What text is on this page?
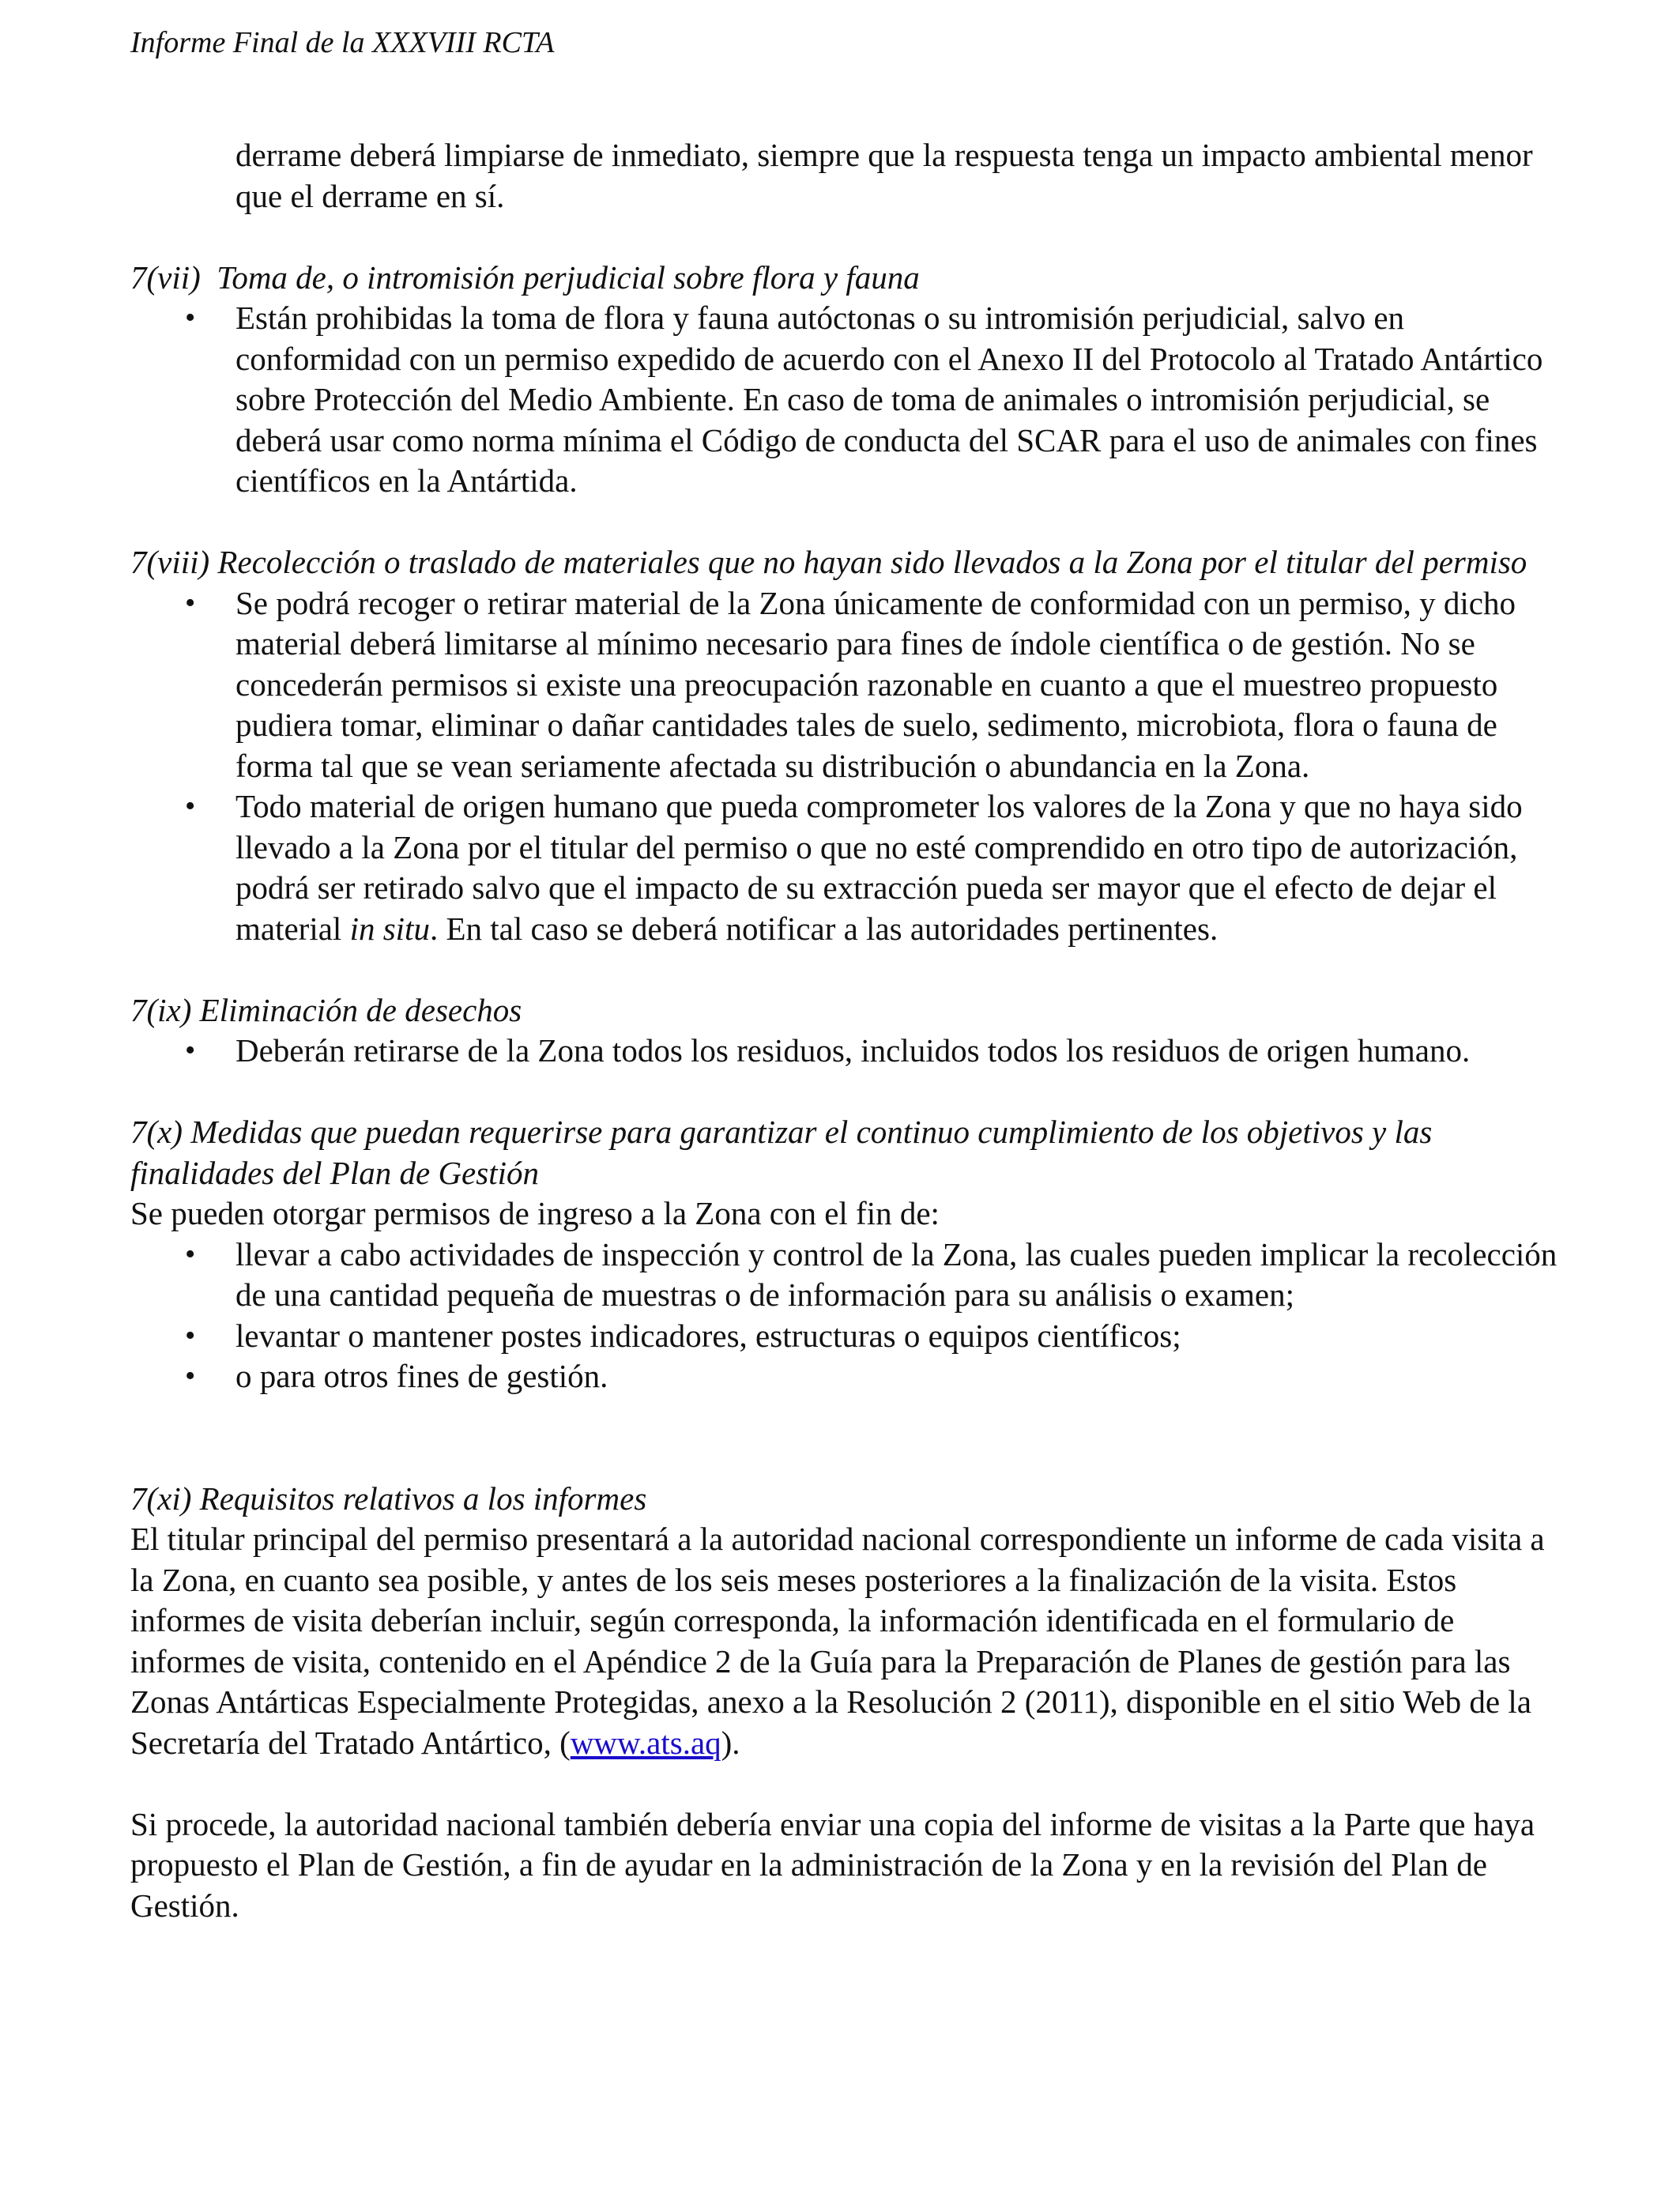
Informe Final de la XXXVIII RCTA

derrame deberá limpiarse de inmediato, siempre que la respuesta tenga un impacto ambiental menor que el derrame en sí.

7(vii)  Toma de, o intromisión perjudicial sobre flora y fauna

• Están prohibidas la toma de flora y fauna autóctonas o su intromisión perjudicial, salvo en conformidad con un permiso expedido de acuerdo con el Anexo II del Protocolo al Tratado Antártico sobre Protección del Medio Ambiente. En caso de toma de animales o intromisión perjudicial, se deberá usar como norma mínima el Código de conducta del SCAR para el uso de animales con fines científicos en la Antártida.

7(viii) Recolección o traslado de materiales que no hayan sido llevados a la Zona por el titular del permiso

• Se podrá recoger o retirar material de la Zona únicamente de conformidad con un permiso, y dicho material deberá limitarse al mínimo necesario para fines de índole científica o de gestión. No se concederán permisos si existe una preocupación razonable en cuanto a que el muestreo propuesto pudiera tomar, eliminar o dañar cantidades tales de suelo, sedimento, microbiota, flora o fauna de forma tal que se vean seriamente afectada su distribución o abundancia en la Zona.
• Todo material de origen humano que pueda comprometer los valores de la Zona y que no haya sido llevado a la Zona por el titular del permiso o que no esté comprendido en otro tipo de autorización, podrá ser retirado salvo que el impacto de su extracción pueda ser mayor que el efecto de dejar el material in situ. En tal caso se deberá notificar a las autoridades pertinentes.

7(ix) Eliminación de desechos

• Deberán retirarse de la Zona todos los residuos, incluidos todos los residuos de origen humano.

7(x) Medidas que puedan requerirse para garantizar el continuo cumplimiento de los objetivos y las finalidades del Plan de Gestión

Se pueden otorgar permisos de ingreso a la Zona con el fin de:

• llevar a cabo actividades de inspección y control de la Zona, las cuales pueden implicar la recolección de una cantidad pequeña de muestras o de información para su análisis o examen;
• levantar o mantener postes indicadores, estructuras o equipos científicos;
• o para otros fines de gestión.

7(xi) Requisitos relativos a los informes

El titular principal del permiso presentará a la autoridad nacional correspondiente un informe de cada visita a la Zona, en cuanto sea posible, y antes de los seis meses posteriores a la finalización de la visita. Estos informes de visita deberían incluir, según corresponda, la información identificada en el formulario de informes de visita, contenido en el Apéndice 2 de la Guía para la Preparación de Planes de gestión para las Zonas Antárticas Especialmente Protegidas, anexo a la Resolución 2 (2011), disponible en el sitio Web de la Secretaría del Tratado Antártico, (www.ats.aq).

Si procede, la autoridad nacional también debería enviar una copia del informe de visitas a la Parte que haya propuesto el Plan de Gestión, a fin de ayudar en la administración de la Zona y en la revisión del Plan de Gestión.
